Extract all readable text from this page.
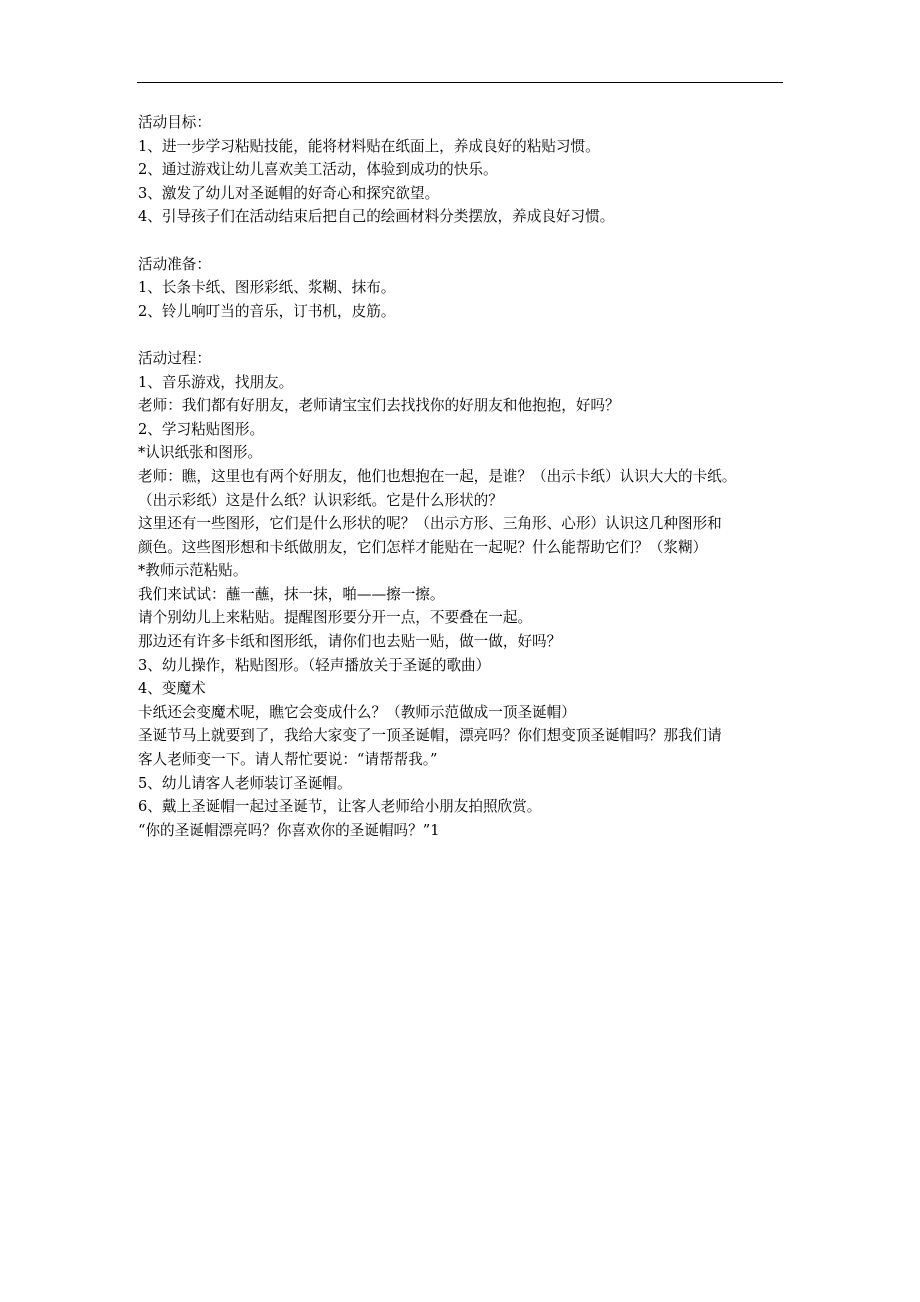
活动目标：
1、进一步学习粘贴技能，能将材料贴在纸面上，养成良好的粘贴习惯。
2、通过游戏让幼儿喜欢美工活动，体验到成功的快乐。
3、激发了幼儿对圣诞帽的好奇心和探究欲望。
4、引导孩子们在活动结束后把自己的绘画材料分类摆放，养成良好习惯。
活动准备：
1、长条卡纸、图形彩纸、浆糊、抹布。
2、铃儿响叮当的音乐，订书机，皮筋。
活动过程：
1、音乐游戏，找朋友。
老师：我们都有好朋友，老师请宝宝们去找找你的好朋友和他抱抱，好吗？
2、学习粘贴图形。
*认识纸张和图形。
老师：瞧，这里也有两个好朋友，他们也想抱在一起，是谁？（出示卡纸）认识大大的卡纸。
（出示彩纸）这是什么纸？认识彩纸。它是什么形状的？
这里还有一些图形，它们是什么形状的呢？（出示方形、三角形、心形）认识这几种图形和
颜色。这些图形想和卡纸做朋友，它们怎样才能贴在一起呢？什么能帮助它们？（浆糊）
*教师示范粘贴。
我们来试试：蘸一蘸，抹一抹，啪——擦一擦。
请个别幼儿上来粘贴。提醒图形要分开一点，不要叠在一起。
那边还有许多卡纸和图形纸，请你们也去贴一贴，做一做，好吗？
3、幼儿操作，粘贴图形。（轻声播放关于圣诞的歌曲）
4、变魔术
卡纸还会变魔术呢，瞧它会变成什么？（教师示范做成一顶圣诞帽）
圣诞节马上就要到了，我给大家变了一顶圣诞帽，漂亮吗？你们想变顶圣诞帽吗？那我们请
客人老师变一下。请人帮忙要说：“请帮帮我。”
5、幼儿请客人老师装订圣诞帽。
6、戴上圣诞帽一起过圣诞节，让客人老师给小朋友拍照欣赏。
“你的圣诞帽漂亮吗？你喜欢你的圣诞帽吗？”1
